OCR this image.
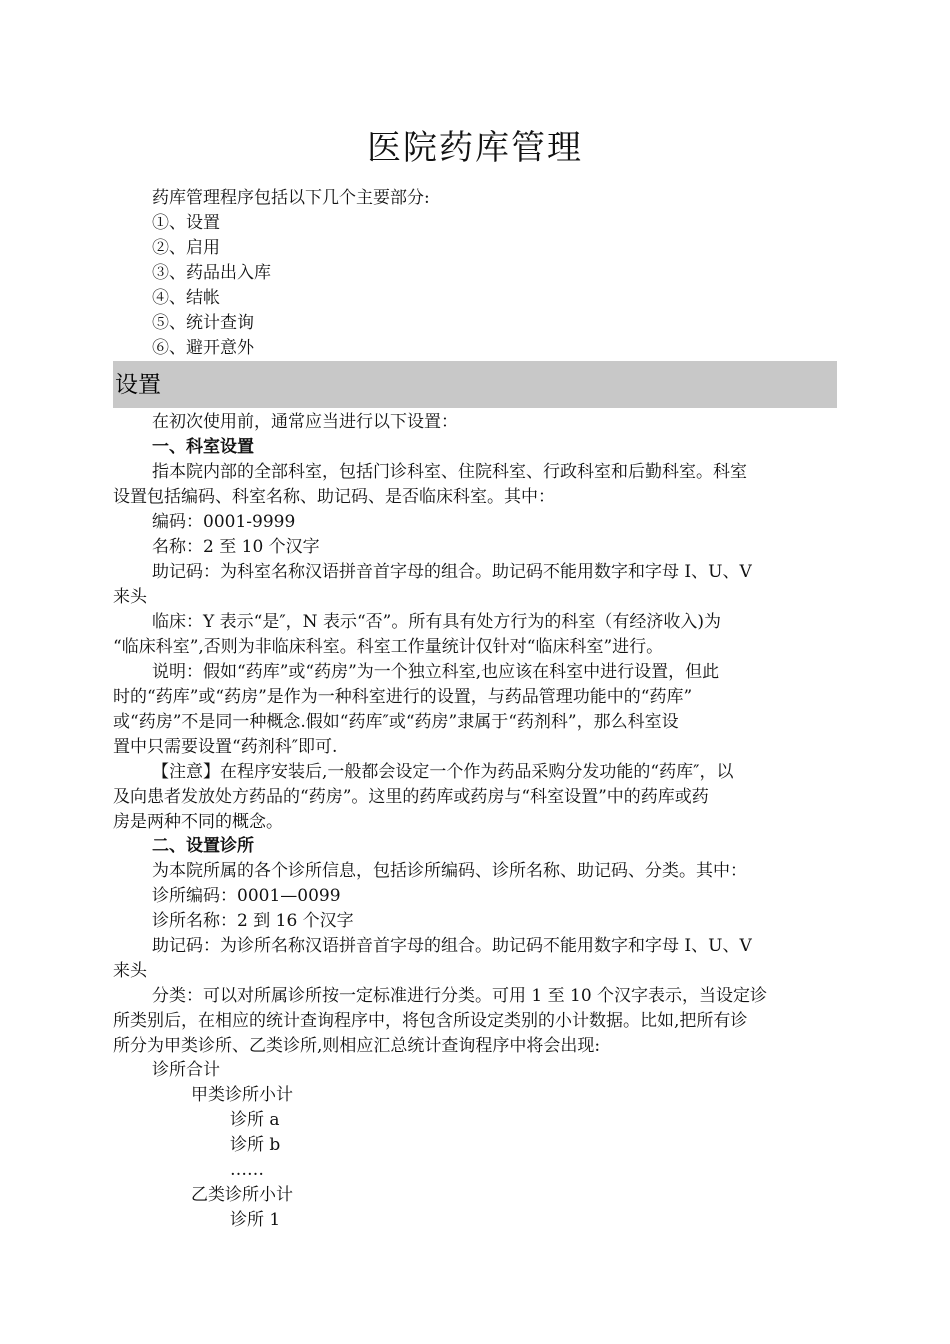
医院药库管理
药库管理程序包括以下几个主要部分:
①、设置
②、启用
③、药品出入库
④、结帐
⑤、统计查询
⑥、避开意外
设置
在初次使用前，通常应当进行以下设置：
一、科室设置
指本院内部的全部科室，包括门诊科室、住院科室、行政科室和后勤科室。科室
设置包括编码、科室名称、助记码、是否临床科室。其中：
编码：0001-9999
名称：2 至 10 个汉字
助记码：为科室名称汉语拼音首字母的组合。助记码不能用数字和字母 I、U、V
来头
临床：Y 表示“是″，N 表示“否”。所有具有处方行为的科室（有经济收入)为
“临床科室”,否则为非临床科室。科室工作量统计仅针对“临床科室”进行。
说明：假如“药库”或“药房”为一个独立科室,也应该在科室中进行设置，但此
时的“药库”或“药房”是作为一种科室进行的设置，与药品管理功能中的“药库”
或“药房”不是同一种概念.假如“药库″或“药房”隶属于“药剂科”，那么科室设
置中只需要设置“药剂科″即可.
【注意】在程序安装后,一般都会设定一个作为药品采购分发功能的“药库″，以
及向患者发放处方药品的“药房”。这里的药库或药房与“科室设置”中的药库或药
房是两种不同的概念。
二、设置诊所
为本院所属的各个诊所信息，包括诊所编码、诊所名称、助记码、分类。其中：
诊所编码：0001—0099
诊所名称：2 到 16 个汉字
助记码：为诊所名称汉语拼音首字母的组合。助记码不能用数字和字母 I、U、V
来头
分类：可以对所属诊所按一定标准进行分类。可用 1 至 10 个汉字表示，当设定诊
所类别后，在相应的统计查询程序中，将包含所设定类别的小计数据。比如,把所有诊
所分为甲类诊所、乙类诊所,则相应汇总统计查询程序中将会出现:
诊所合计
甲类诊所小计
诊所 a
诊所 b
……
乙类诊所小计
诊所 1
